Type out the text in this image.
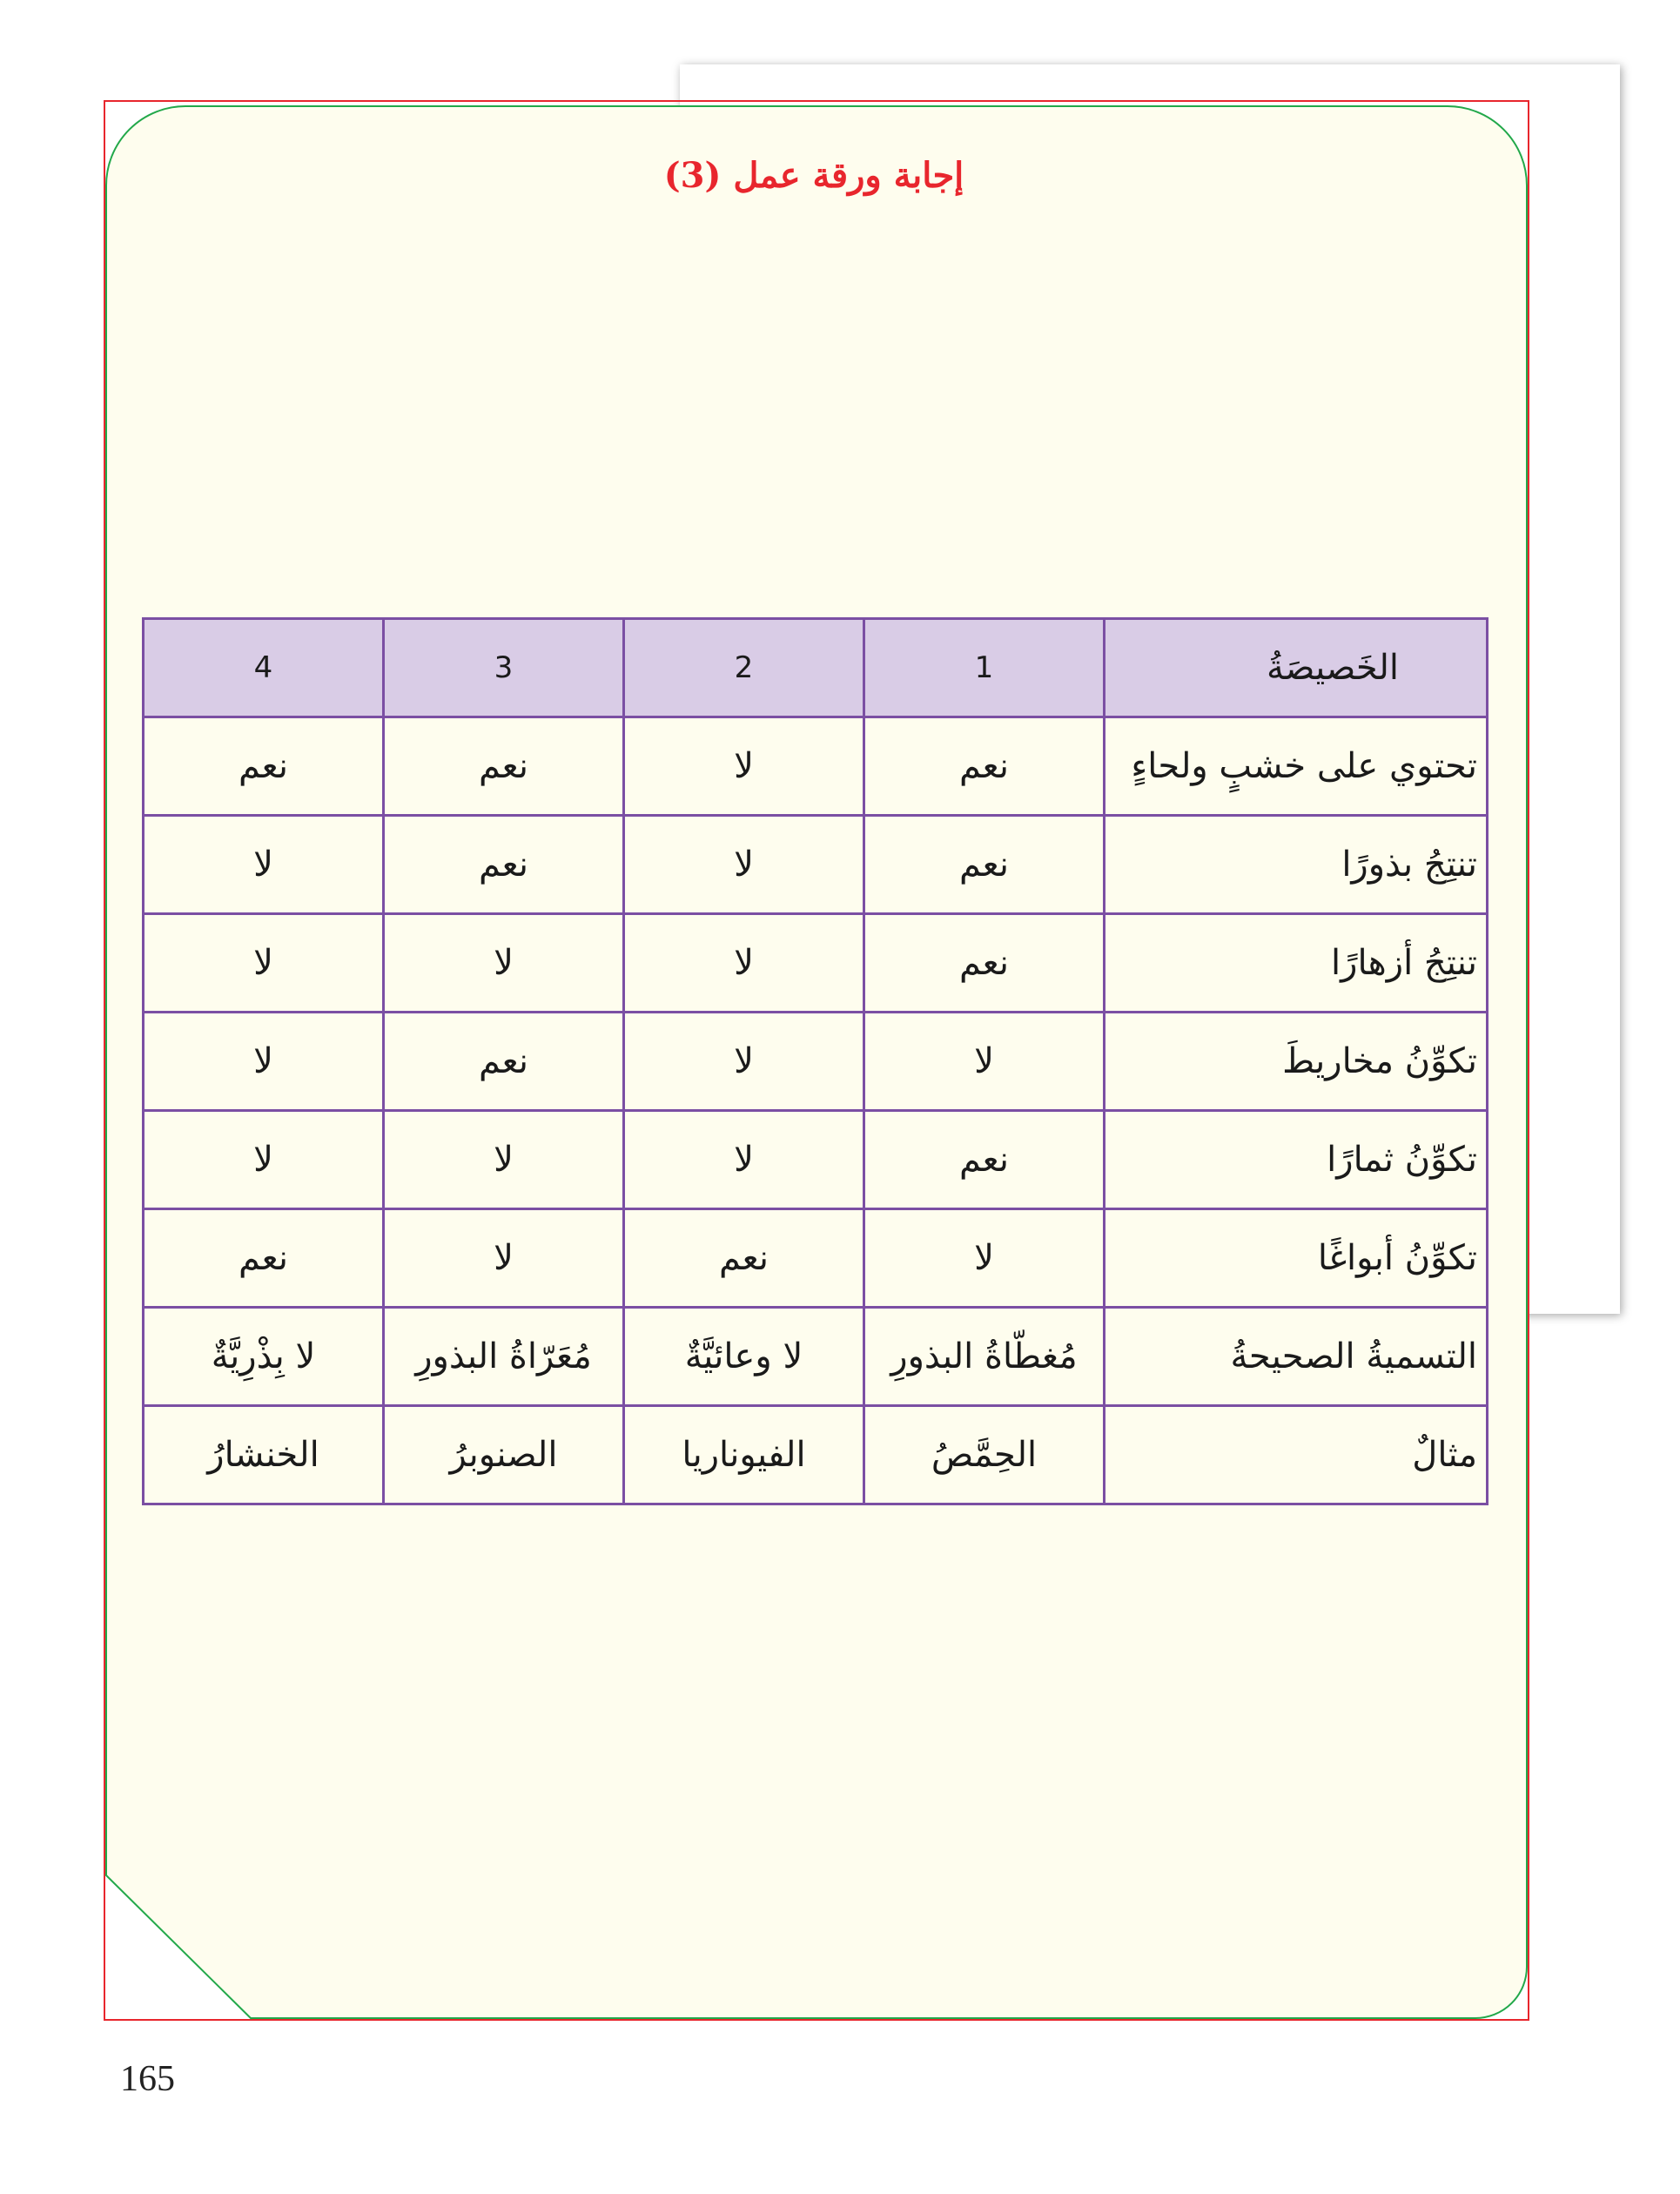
إجابة ورقة عمل (3)
الخَصيصَةُ	1	2	3	4
تحتوي على خشبٍ ولحاءٍ	نعم	لا	نعم	نعم
تنتِجُ بذورًا	نعم	لا	نعم	لا
تنتِجُ أزهارًا	نعم	لا	لا	لا
تكوِّنُ مخاريطَ	لا	لا	نعم	لا
تكوِّنُ ثمارًا	نعم	لا	لا	لا
تكوِّنُ أبواغًا	لا	نعم	لا	نعم
التسميةُ الصحيحةُ	مُغطّاةُ البذورِ	لا وعائيَّةٌ	مُعَرّاةُ البذورِ	لا بِذْرِيَّةٌ
مثالٌ	الحِمَّصُ	الفيوناريا	الصنوبرُ	الخنشارُ
165
